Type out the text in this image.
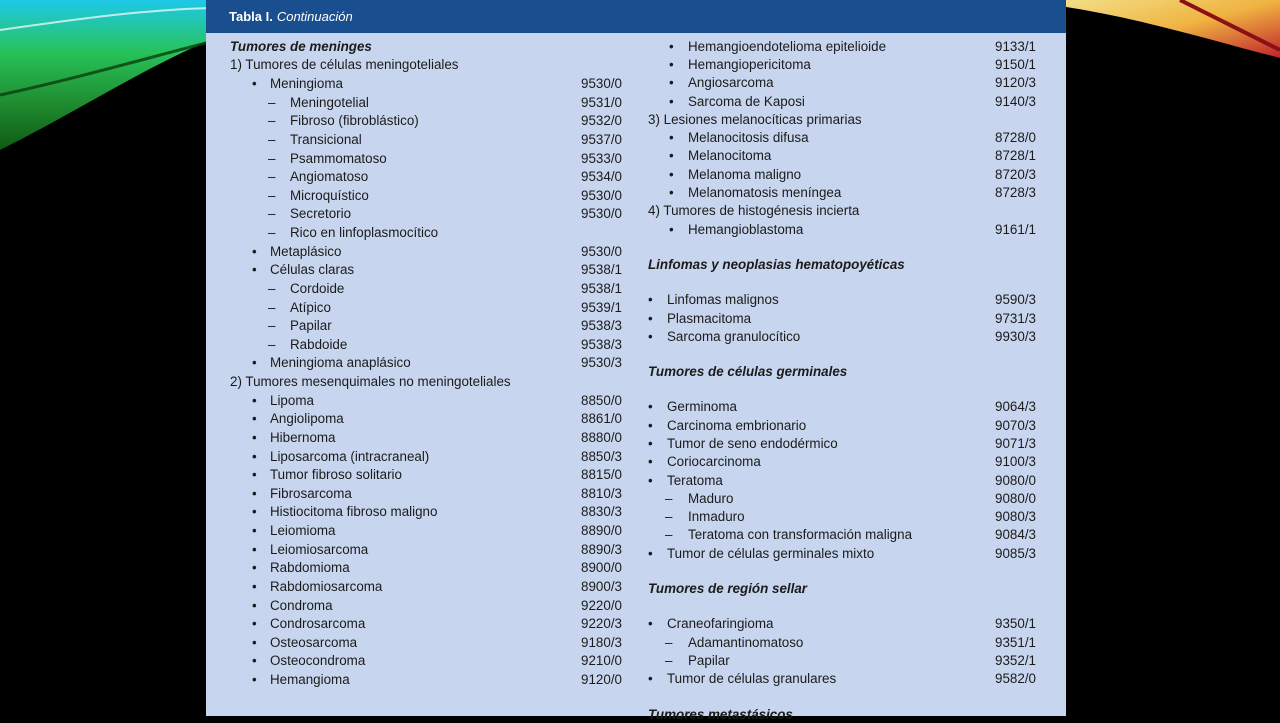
Tabla I. Continuación
Tumores de meninges
1) Tumores de células meningoteliales
• Meningioma	9530/0
– Meningotelial	9531/0
– Fibroso (fibroblástico)	9532/0
– Transicional	9537/0
– Psammomatoso	9533/0
– Angiomatoso	9534/0
– Microquístico	9530/0
– Secretorio	9530/0
– Rico en linfoplasmocítico
• Metaplásico	9530/0
• Células claras	9538/1
– Cordoide	9538/1
– Atípico	9539/1
– Papilar	9538/3
– Rabdoide	9538/3
• Meningioma anaplásico	9530/3
2) Tumores mesenquimales no meningoteliales
• Lipoma	8850/0
• Angiolipoma	8861/0
• Hibernoma	8880/0
• Liposarcoma (intracraneal)	8850/3
• Tumor fibroso solitario	8815/0
• Fibrosarcoma	8810/3
• Histiocitoma fibroso maligno	8830/3
• Leiomioma	8890/0
• Leiomiosarcoma	8890/3
• Rabdomioma	8900/0
• Rabdomiosarcoma	8900/3
• Condroma	9220/0
• Condrosarcoma	9220/3
• Osteosarcoma	9180/3
• Osteocondroma	9210/0
• Hemangioma	9120/0
• Hemangioendotelioma epitelioide	9133/1
• Hemangiopericitoma	9150/1
• Angiosarcoma	9120/3
• Sarcoma de Kaposi	9140/3
3) Lesiones melanocíticas primarias
• Melanocitosis difusa	8728/0
• Melanocitoma	8728/1
• Melanoma maligno	8720/3
• Melanomatosis meníngea	8728/3
4) Tumores de histogénesis incierta
• Hemangioblastoma	9161/1
Linfomas y neoplasias hematopoyéticas
• Linfomas malignos	9590/3
• Plasmacitoma	9731/3
• Sarcoma granulocítico	9930/3
Tumores de células germinales
• Germinoma	9064/3
• Carcinoma embrionario	9070/3
• Tumor de seno endodérmico	9071/3
• Coriocarcinoma	9100/3
• Teratoma	9080/0
– Maduro	9080/0
– Inmaduro	9080/3
– Teratoma con transformación maligna	9084/3
• Tumor de células germinales mixto	9085/3
Tumores de región sellar
• Craneofaringioma	9350/1
– Adamantinomatoso	9351/1
– Papilar	9352/1
• Tumor de células granulares	9582/0
Tumores metastásicos
